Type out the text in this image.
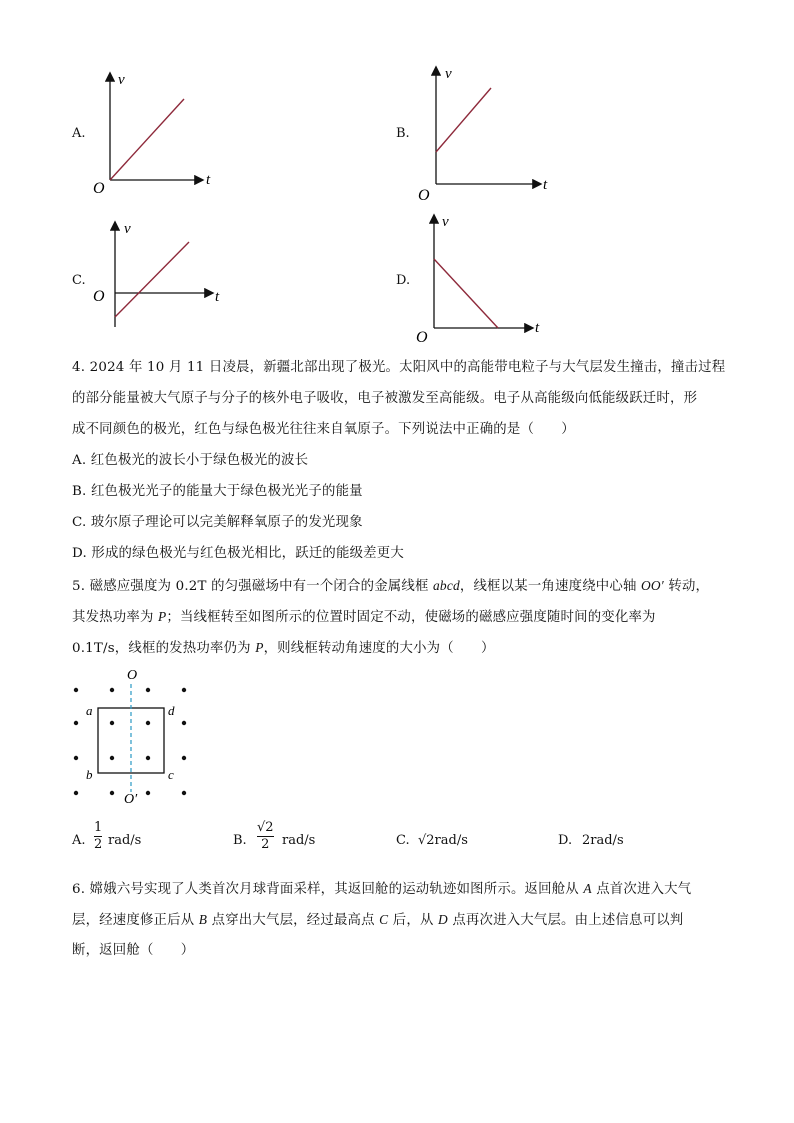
A.
v
t
O
B.
v
t
O
C.
v
t
O
D.
v
t
O
4. 2024 年 10 月 11 日凌晨，新疆北部出现了极光。太阳风中的高能带电粒子与大气层发生撞击，撞击过程
的部分能量被大气原子与分子的核外电子吸收，电子被激发至高能级。电子从高能级向低能级跃迁时，形
成不同颜色的极光，红色与绿色极光往往来自氧原子。下列说法中正确的是（　　）
A. 红色极光的波长小于绿色极光的波长
B. 红色极光光子的能量大于绿色极光光子的能量
C. 玻尔原子理论可以完美解释氧原子的发光现象
D. 形成的绿色极光与红色极光相比，跃迁的能级差更大
5. 磁感应强度为 0.2T 的匀强磁场中有一个闭合的金属线框 abcd，线框以某一角速度绕中心轴 OO′ 转动，
其发热功率为 P；当线框转至如图所示的位置时固定不动，使磁场的磁感应强度随时间的变化率为
0.1T/s，线框的发热功率仍为 P，则线框转动角速度的大小为（　　）
O
O′
a	d
b	c
A.
1
2 rad/s	B.
√2
2 rad/s	C. √2rad/s	D. 2rad/s
6. 嫦娥六号实现了人类首次月球背面采样，其返回舱的运动轨迹如图所示。返回舱从 A 点首次进入大气
层，经速度修正后从 B 点穿出大气层，经过最高点 C 后，从 D 点再次进入大气层。由上述信息可以判
断，返回舱（　　）
